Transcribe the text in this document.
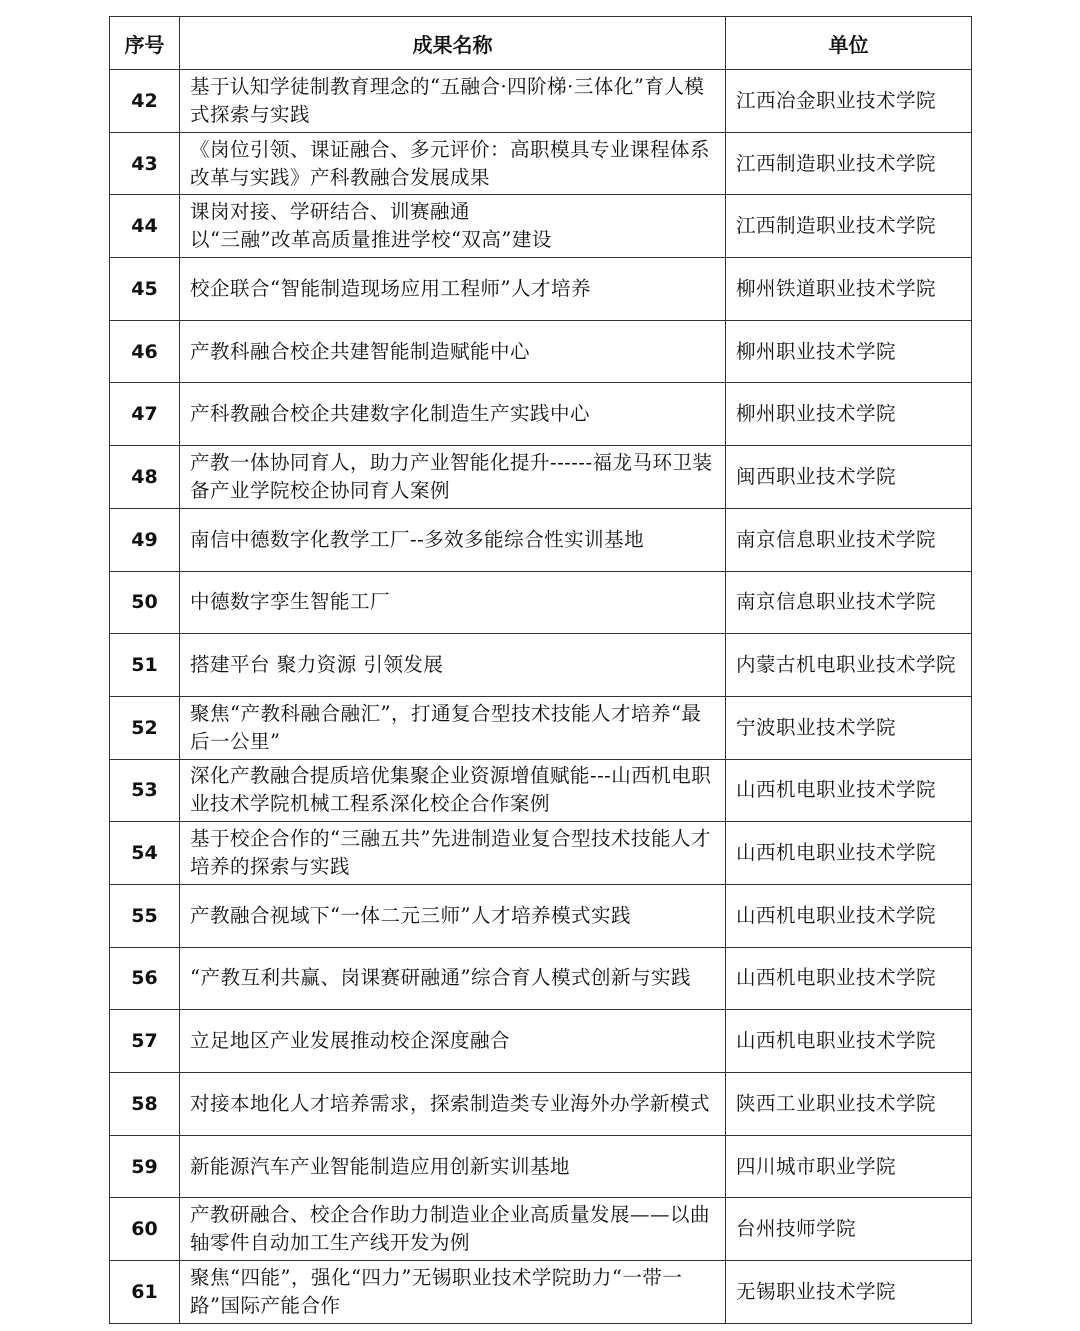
序号	成果名称	单位
42	基于认知学徒制教育理念的“五融合·四阶梯·三体化”育人模式探索与实践	江西冶金职业技术学院
43	《岗位引领、课证融合、多元评价：高职模具专业课程体系改革与实践》产科教融合发展成果	江西制造职业技术学院
44	课岗对接、学研结合、训赛融通
以“三融”改革高质量推进学校“双高”建设	江西制造职业技术学院
45	校企联合“智能制造现场应用工程师”人才培养	柳州铁道职业技术学院
46	产教科融合校企共建智能制造赋能中心	柳州职业技术学院
47	产科教融合校企共建数字化制造生产实践中心	柳州职业技术学院
48	产教一体协同育人，助力产业智能化提升------福龙马环卫装备产业学院校企协同育人案例	闽西职业技术学院
49	南信中德数字化教学工厂--多效多能综合性实训基地	南京信息职业技术学院
50	中德数字孪生智能工厂	南京信息职业技术学院
51	搭建平台 聚力资源 引领发展	内蒙古机电职业技术学院
52	聚焦“产教科融合融汇”，打通复合型技术技能人才培养“最后一公里”	宁波职业技术学院
53	深化产教融合提质培优集聚企业资源增值赋能---山西机电职业技术学院机械工程系深化校企合作案例	山西机电职业技术学院
54	基于校企合作的“三融五共”先进制造业复合型技术技能人才培养的探索与实践	山西机电职业技术学院
55	产教融合视域下“一体二元三师”人才培养模式实践	山西机电职业技术学院
56	“产教互利共赢、岗课赛研融通”综合育人模式创新与实践	山西机电职业技术学院
57	立足地区产业发展推动校企深度融合	山西机电职业技术学院
58	对接本地化人才培养需求，探索制造类专业海外办学新模式	陕西工业职业技术学院
59	新能源汽车产业智能制造应用创新实训基地	四川城市职业学院
60	产教研融合、校企合作助力制造业企业高质量发展——以曲轴零件自动加工生产线开发为例	台州技师学院
61	聚焦“四能”，强化“四力”无锡职业技术学院助力“一带一路”国际产能合作	无锡职业技术学院
